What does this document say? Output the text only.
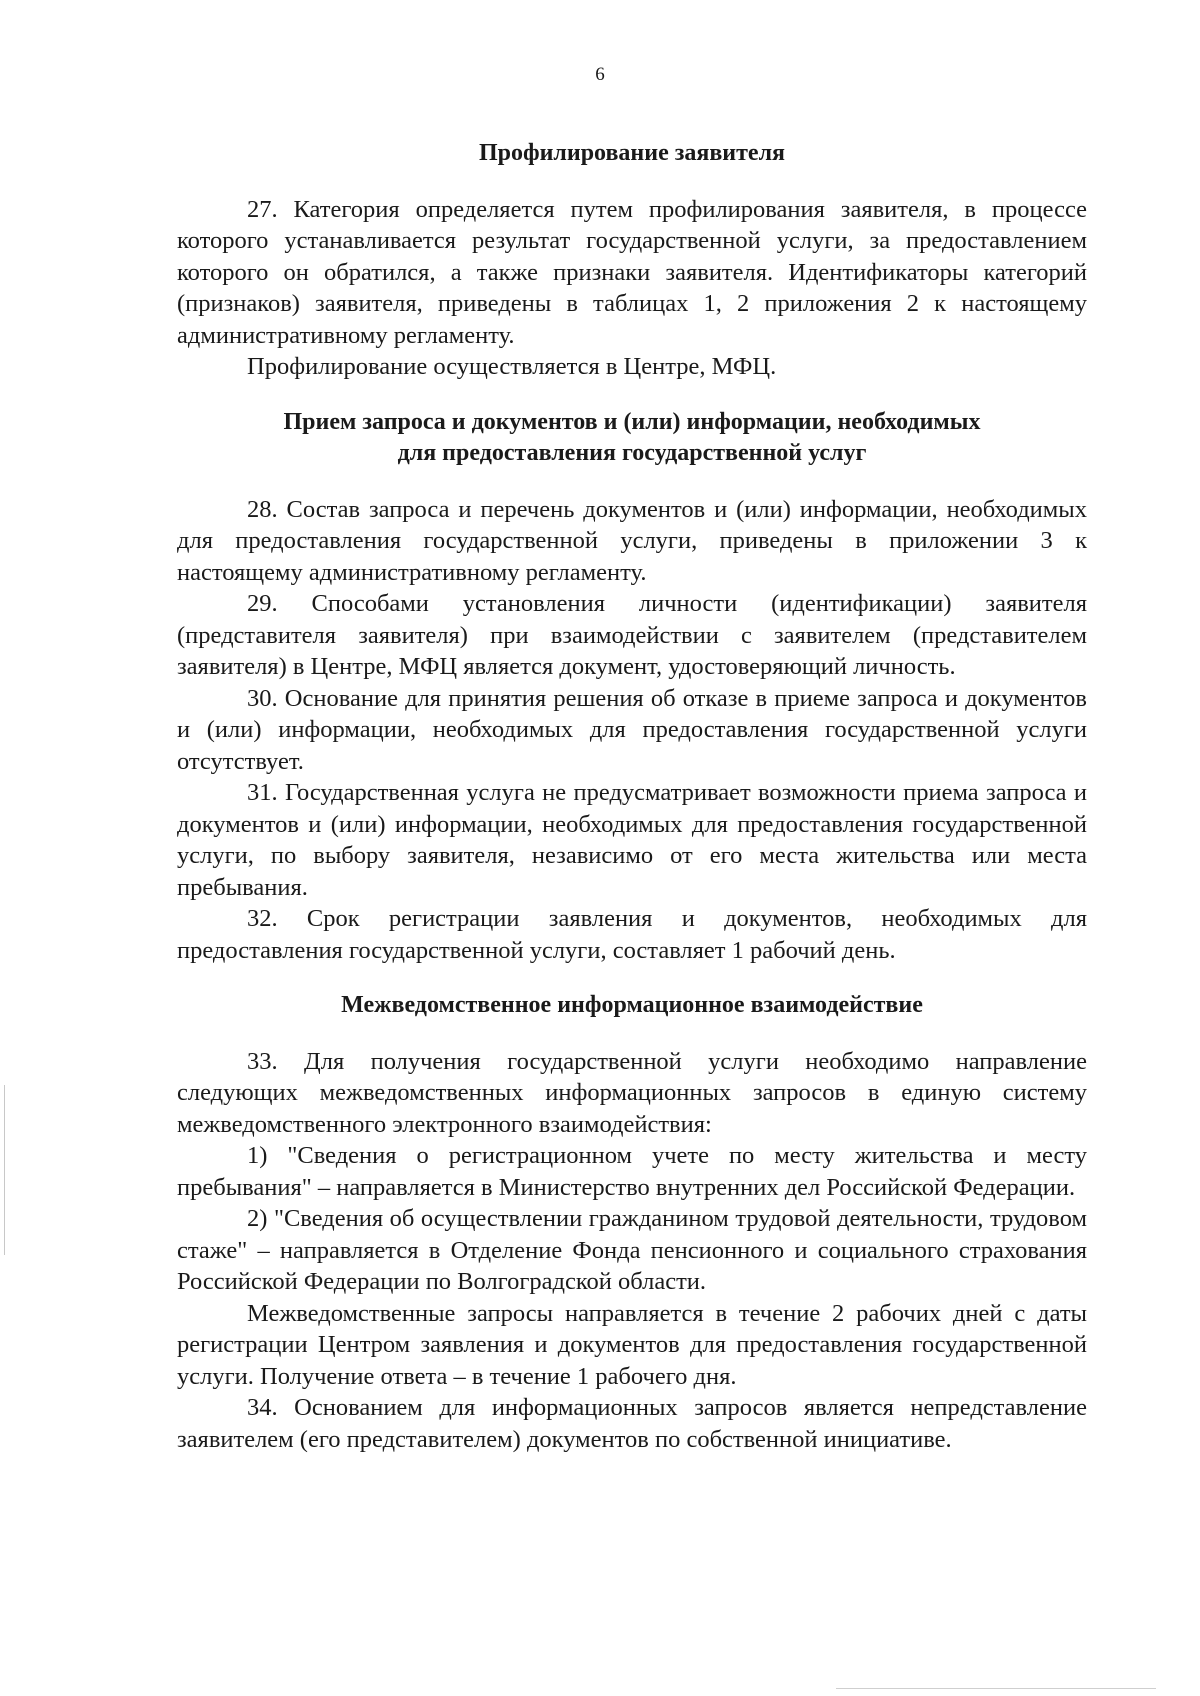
6
Профилирование заявителя

27. Категория определяется путем профилирования заявителя, в процессе которого устанавливается результат государственной услуги, за предоставлением которого он обратился, а также признаки заявителя. Идентификаторы категорий (признаков) заявителя, приведены в таблицах 1, 2 приложения 2 к настоящему административному регламенту.

Профилирование осуществляется в Центре, МФЦ.

Прием запроса и документов и (или) информации, необходимых
для предоставления государственной услуг

28. Состав запроса и перечень документов и (или) информации, необходимых для предоставления государственной услуги, приведены в приложении 3 к настоящему административному регламенту.

29. Способами установления личности (идентификации) заявителя (представителя заявителя) при взаимодействии с заявителем (представителем заявителя) в Центре, МФЦ является документ, удостоверяющий личность.

30. Основание для принятия решения об отказе в приеме запроса и документов и (или) информации, необходимых для предоставления государственной услуги отсутствует.

31. Государственная услуга не предусматривает возможности приема запроса и документов и (или) информации, необходимых для предоставления государственной услуги, по выбору заявителя, независимо от его места жительства или места пребывания.

32. Срок регистрации заявления и документов, необходимых для предоставления государственной услуги, составляет 1 рабочий день.

Межведомственное информационное взаимодействие

33. Для получения государственной услуги необходимо направление следующих межведомственных информационных запросов в единую систему межведомственного электронного взаимодействия:

1) "Сведения о регистрационном учете по месту жительства и месту пребывания" – направляется в Министерство внутренних дел Российской Федерации.

2) "Сведения об осуществлении гражданином трудовой деятельности, трудовом стаже" – направляется в Отделение Фонда пенсионного и социального страхования Российской Федерации по Волгоградской области.

Межведомственные запросы направляется в течение 2 рабочих дней с даты регистрации Центром заявления и документов для предоставления государственной услуги. Получение ответа – в течение 1 рабочего дня.

34. Основанием для информационных запросов является непредставление заявителем (его представителем) документов по собственной инициативе.
